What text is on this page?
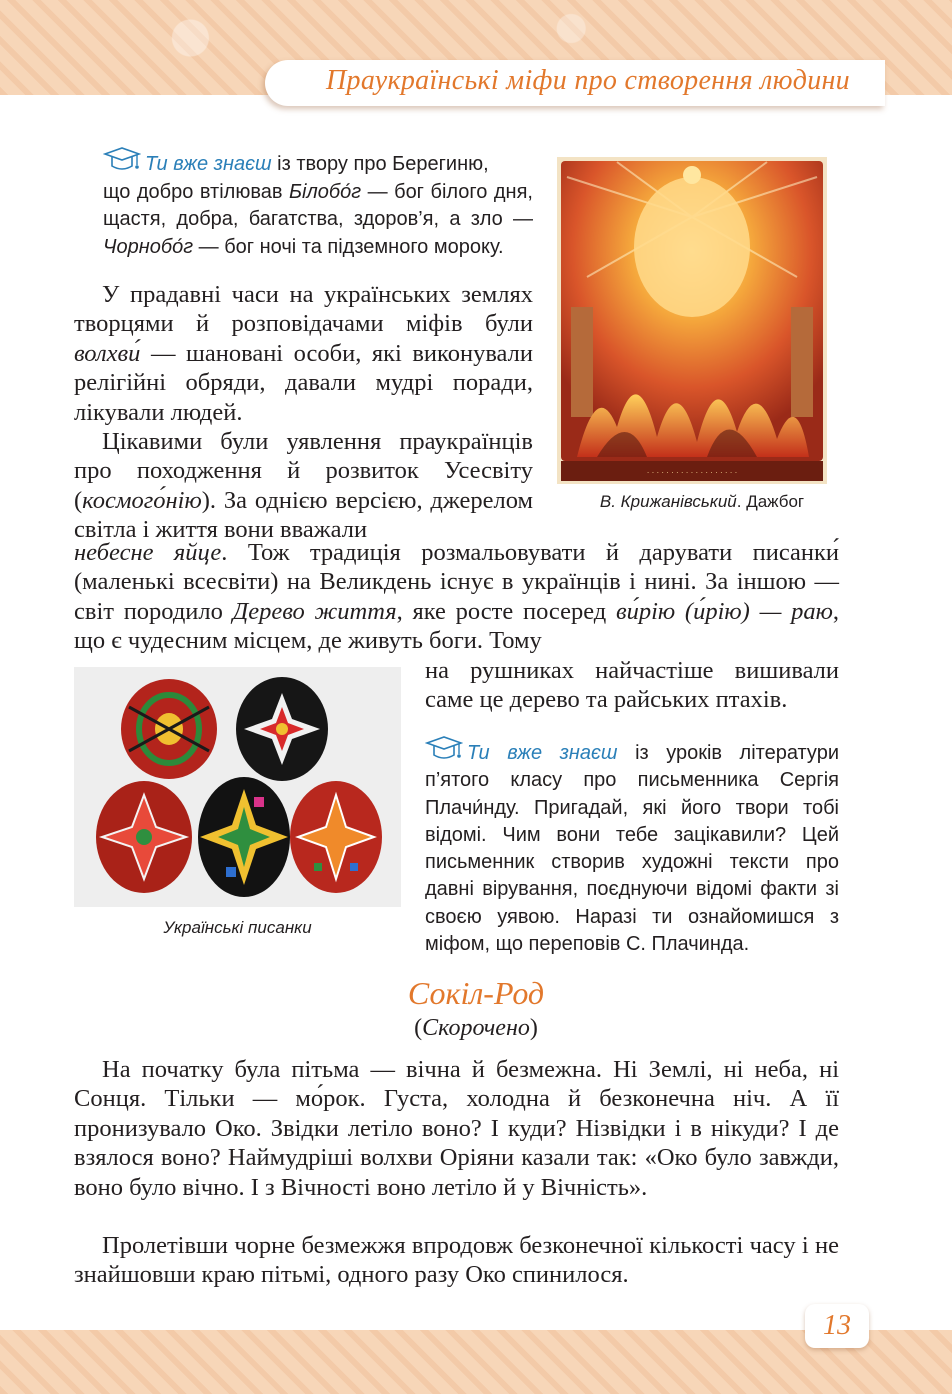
Праукраїнські міфи про створення людини
Ти вже знаєш із твору про Берегиню,
що добро втілював Білобо́г — бог білого дня,
щастя, добра, багатства, здоров’я, а зло —
Чорнобо́г — бог ночі та підземного мороку.
· · · · · · · · · · · · · · · · · · ·
В. Крижанівський. Дажбог
У прадавні часи на українських землях творцями й розповідачами міфів були волхви́ — шановані особи, які виконували релігійні обряди, давали мудрі поради, лікували людей.
Цікавими були уявлення праукраїнців про походження й розвиток Усесвіту (космого́нію). За однією версією, джерелом світла і життя вони вважали
небесне яйце. Тож традиція розмальовувати й дарувати писанки́ (маленькі всесвіти) на Великдень існує в українців і нині. За іншою — світ породило Дерево життя, яке росте посеред ви́рію (и́рію) — раю, що є чудесним місцем, де живуть боги. Тому
на рушниках найчастіше вишивали саме це дерево та райських птахів.
Українські писанки
Ти вже знаєш із уроків літератури п’ятого класу про письменника Сергія Плачи́нду. Пригадай, які його твори тобі відомі. Чим вони тебе зацікавили? Цей письменник створив художні тексти про давні вірування, поєднуючи відомі факти зі своєю уявою. Наразі ти ознайомишся з міфом, що переповів С. Плачинда.
Сокіл-Род
(Скорочено)
На початку була пітьма — вічна й безмежна. Ні Землі, ні неба, ні Сонця. Тільки — мо́рок. Густа, холодна й безконечна ніч. А її пронизувало Око. Звідки летіло воно? І куди? Нізвідки і в нікуди? І де взялося воно? Наймудріші волхви Оріяни казали так: «Око було завжди, воно було вічно. І з Вічності воно летіло й у Вічність».
Пролетівши чорне безмежжя впродовж безконечної кількості часу і не знайшовши краю пітьмі, одного разу Око спинилося.
13
